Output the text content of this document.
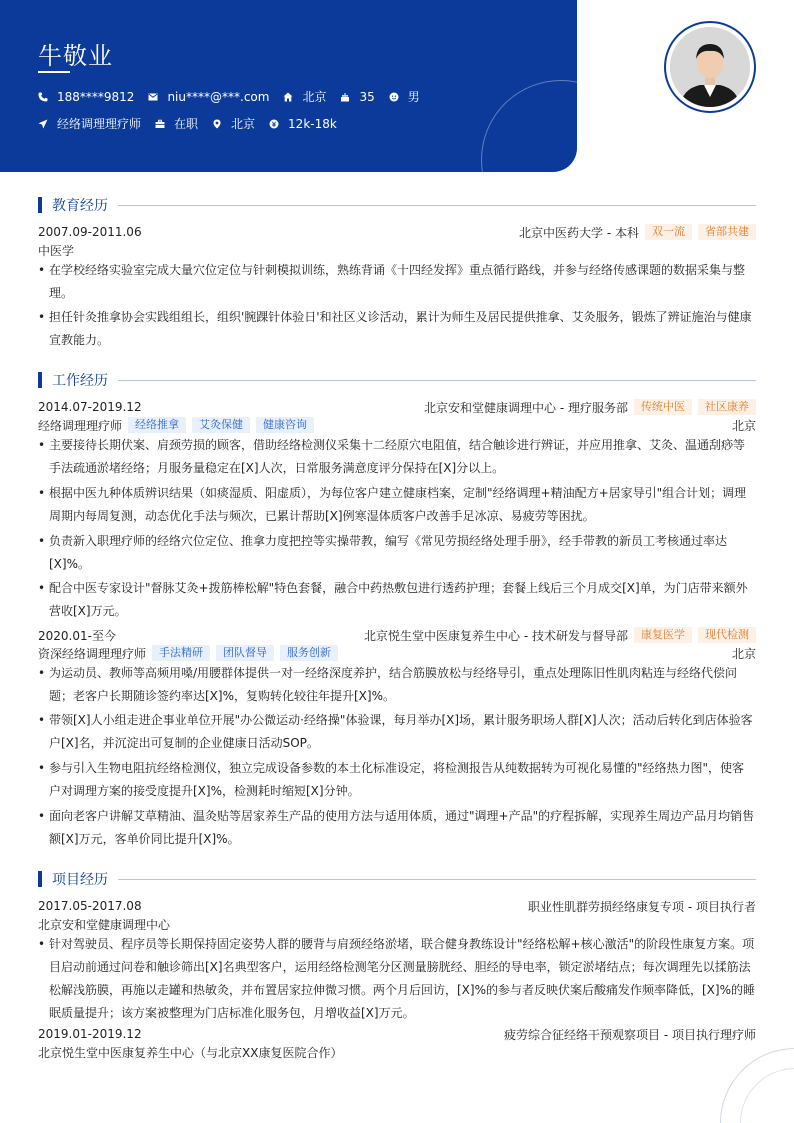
牛敬业
188****9812	niu****@***.com	北京	35	男
经络调理理疗师	在职	北京	12k-18k
教育经历
2007.09-2011.06	北京中医药大学 - 本科	双一流	省部共建
中医学
• 在学校经络实验室完成大量穴位定位与针刺模拟训练，熟练背诵《十四经发挥》重点循行路线，并参与经络传感课题的数据采集与整理。
• 担任针灸推拿协会实践组组长，组织'腕踝针体验日'和社区义诊活动，累计为师生及居民提供推拿、艾灸服务，锻炼了辨证施治与健康宣教能力。
工作经历
2014.07-2019.12	北京安和堂健康调理中心 - 理疗服务部	传统中医	社区康养
经络调理理疗师	经络推拿	艾灸保健	健康咨询	北京
• 主要接待长期伏案、肩颈劳损的顾客，借助经络检测仪采集十二经原穴电阻值，结合触诊进行辨证，并应用推拿、艾灸、温通刮痧等手法疏通淤堵经络；月服务量稳定在[X]人次，日常服务满意度评分保持在[X]分以上。
• 根据中医九种体质辨识结果（如痰湿质、阳虚质），为每位客户建立健康档案，定制"经络调理+精油配方+居家导引"组合计划；调理周期内每周复测，动态优化手法与频次，已累计帮助[X]例寒湿体质客户改善手足冰凉、易疲劳等困扰。
• 负责新入职理疗师的经络穴位定位、推拿力度把控等实操带教，编写《常见劳损经络处理手册》，经手带教的新员工考核通过率达[X]%。
• 配合中医专家设计"督脉艾灸+拨筋棒松解"特色套餐，融合中药热敷包进行透药护理；套餐上线后三个月成交[X]单，为门店带来额外营收[X]万元。
2020.01-至今	北京悦生堂中医康复养生中心 - 技术研发与督导部	康复医学	现代检测
资深经络调理理疗师	手法精研	团队督导	服务创新	北京
• 为运动员、教师等高频用嗓/用腰群体提供一对一经络深度养护，结合筋膜放松与经络导引，重点处理陈旧性肌肉粘连与经络代偿问题；老客户长期随诊签约率达[X]%，复购转化较往年提升[X]%。
• 带领[X]人小组走进企事业单位开展"办公微运动·经络操"体验课，每月举办[X]场，累计服务职场人群[X]人次；活动后转化到店体验客户[X]名，并沉淀出可复制的企业健康日活动SOP。
• 参与引入生物电阻抗经络检测仪，独立完成设备参数的本土化标准设定，将检测报告从纯数据转为可视化易懂的"经络热力图"，使客户对调理方案的接受度提升[X]%，检测耗时缩短[X]分钟。
• 面向老客户讲解艾草精油、温灸贴等居家养生产品的使用方法与适用体质，通过"调理+产品"的疗程拆解，实现养生周边产品月均销售额[X]万元，客单价同比提升[X]%。
项目经历
2017.05-2017.08	职业性肌群劳损经络康复专项 - 项目执行者
北京安和堂健康调理中心
• 针对驾驶员、程序员等长期保持固定姿势人群的腰背与肩颈经络淤堵，联合健身教练设计"经络松解+核心激活"的阶段性康复方案。项目启动前通过问卷和触诊筛出[X]名典型客户，运用经络检测笔分区测量膀胱经、胆经的导电率，锁定淤堵结点；每次调理先以揉筋法松解浅筋膜，再施以走罐和热敏灸，并布置居家拉伸微习惯。两个月后回访，[X]%的参与者反映伏案后酸痛发作频率降低，[X]%的睡眠质量提升；该方案被整理为门店标准化服务包，月增收益[X]万元。
2019.01-2019.12	疲劳综合征经络干预观察项目 - 项目执行理疗师
北京悦生堂中医康复养生中心（与北京XX康复医院合作）
